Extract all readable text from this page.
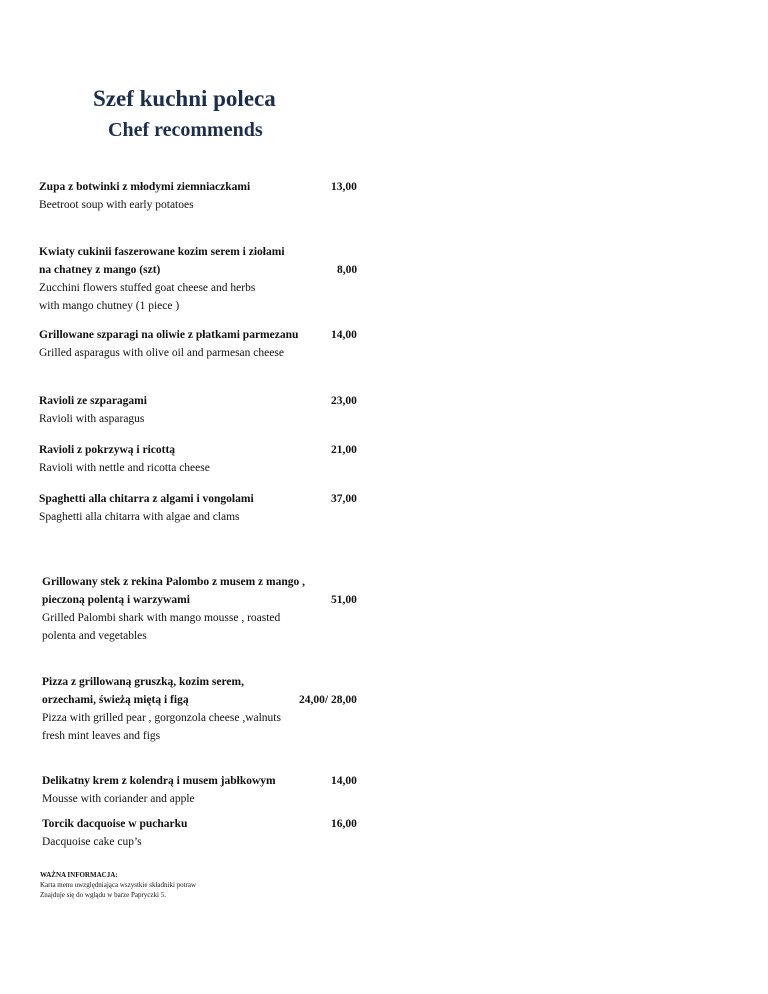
Szef kuchni poleca
Chef recommends
Zupa z botwinki z młodymi ziemniaczkami
Beetroot soup with early potatoes
13,00
Kwiaty cukinii faszerowane kozim serem i ziołami
na chatney z mango (szt)
Zucchini flowers stuffed goat cheese and herbs
with mango chutney (1 piece )
8,00
Grillowane szparagi na oliwie z płatkami parmezanu
Grilled asparagus with olive oil and parmesan cheese
14,00
Ravioli ze szparagami
Ravioli with asparagus
23,00
Ravioli z pokrzywą i ricottą
Ravioli with nettle and ricotta cheese
21,00
Spaghetti alla chitarra z algami i vongolami
Spaghetti alla chitarra with algae and clams
37,00
Grillowany stek z rekina Palombo z musem z mango ,
pieczoną polentą i warzywami
Grilled Palombi shark with mango mousse , roasted
polenta and vegetables
51,00
Pizza z grillowaną gruszką, kozim serem,
orzechami, świeżą miętą i figą
Pizza with grilled pear , gorgonzola cheese ,walnuts
fresh mint leaves and figs
24,00/ 28,00
Delikatny krem z kolendrą i musem jabłkowym
Mousse with coriander and apple
14,00
Torcik dacquoise w pucharku
Dacquoise cake cup’s
16,00
WAŻNA INFORMACJA:
Karta menu uwzględniająca wszystkie składniki potraw
Znajduje się do wglądu w barze Papryczki 5.
